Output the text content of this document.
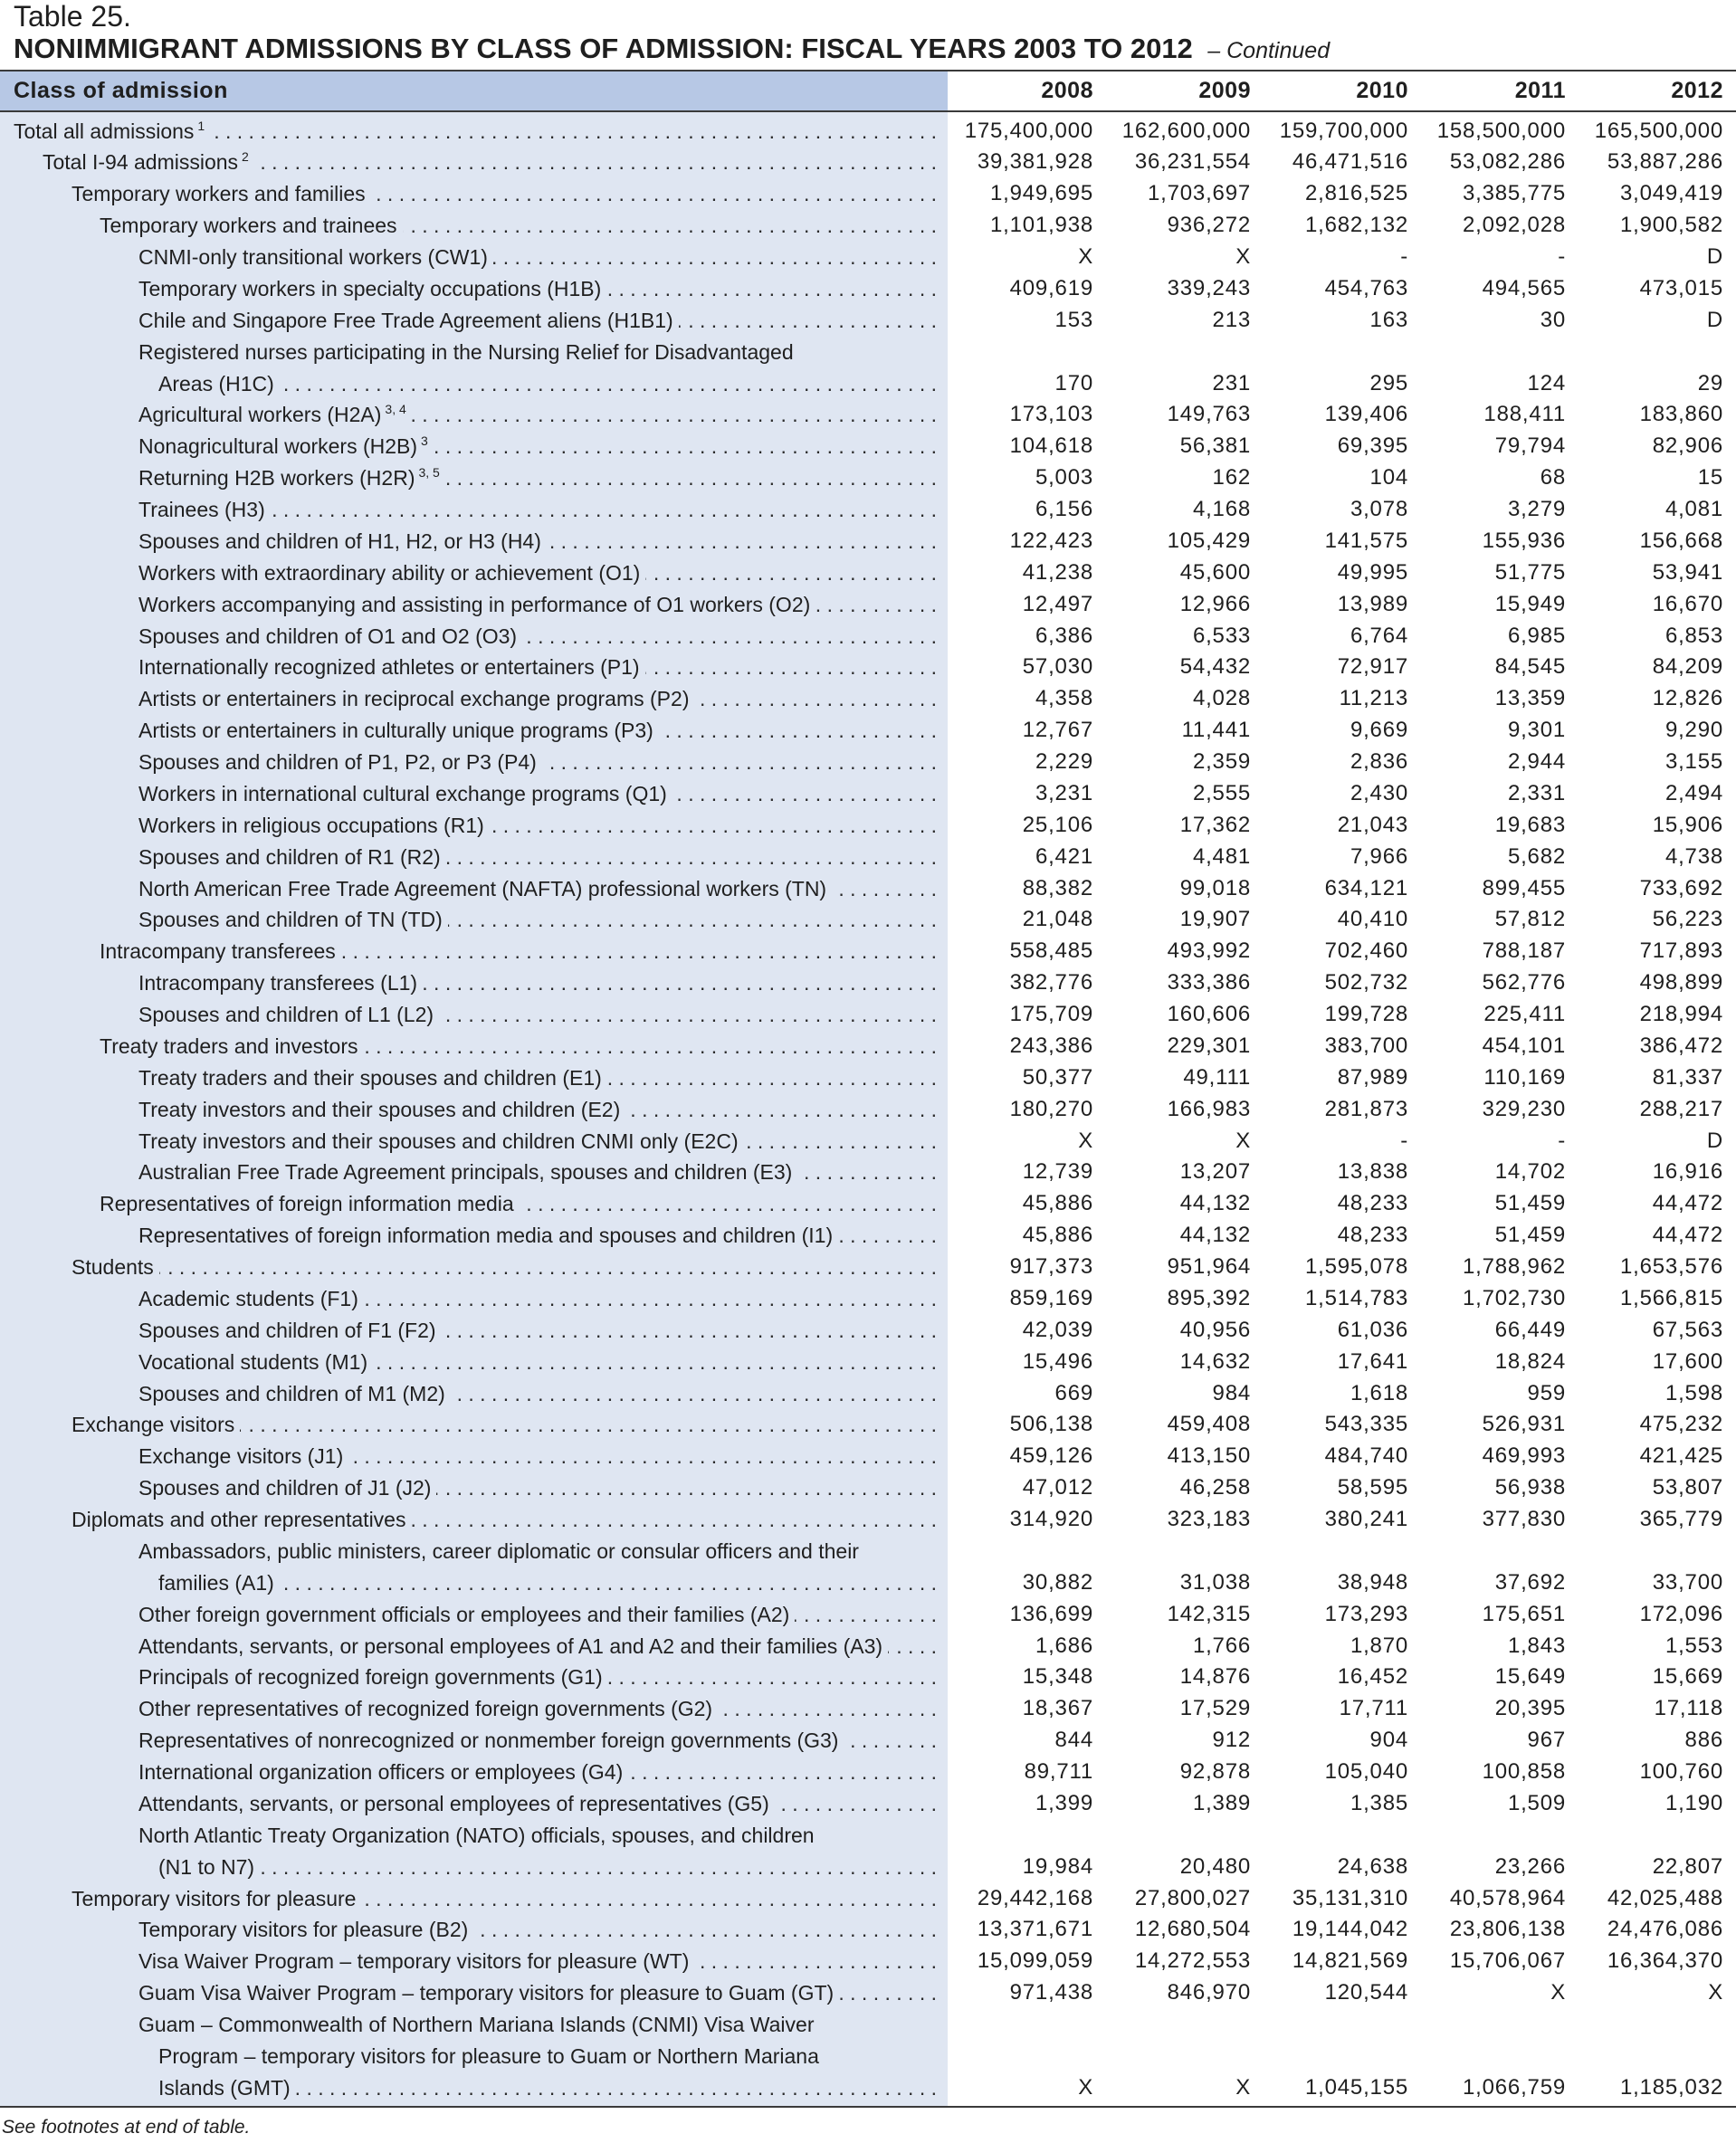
Table 25.
NONIMMIGRANT ADMISSIONS BY CLASS OF ADMISSION: FISCAL YEARS 2003 TO 2012 – Continued
Class of admission	2008	2009	2010	2011	2012
Total all admissions $^1$ . . .	175,400,000	162,600,000	159,700,000	158,500,000	165,500,000
Total I-94 admissions $^2$ . . .	39,381,928	36,231,554	46,471,516	53,082,286	53,887,286
Temporary workers and families . . .	1,949,695	1,703,697	2,816,525	3,385,775	3,049,419
Temporary workers and trainees . . .	1,101,938	936,272	1,682,132	2,092,028	1,900,582
CNMI-only transitional workers (CW1) . . .	X	X	-	-	D
Temporary workers in specialty occupations (H1B) . . .	409,619	339,243	454,763	494,565	473,015
Chile and Singapore Free Trade Agreement aliens (H1B1) . . .	153	213	163	30	D
Registered nurses participating in the Nursing Relief for Disadvantaged
Areas (H1C) . . .	170	231	295	124	29
Agricultural workers (H2A) $^{3, 4}$ . . .	173,103	149,763	139,406	188,411	183,860
Nonagricultural workers (H2B) $^3$ . . .	104,618	56,381	69,395	79,794	82,906
Returning H2B workers (H2R) $^{3, 5}$ . . .	5,003	162	104	68	15
Trainees (H3) . . .	6,156	4,168	3,078	3,279	4,081
Spouses and children of H1, H2, or H3 (H4) . . .	122,423	105,429	141,575	155,936	156,668
Workers with extraordinary ability or achievement (O1) . . .	41,238	45,600	49,995	51,775	53,941
Workers accompanying and assisting in performance of O1 workers (O2) . . .	12,497	12,966	13,989	15,949	16,670
Spouses and children of O1 and O2 (O3) . . .	6,386	6,533	6,764	6,985	6,853
Internationally recognized athletes or entertainers (P1) . . .	57,030	54,432	72,917	84,545	84,209
Artists or entertainers in reciprocal exchange programs (P2) . . .	4,358	4,028	11,213	13,359	12,826
Artists or entertainers in culturally unique programs (P3) . . .	12,767	11,441	9,669	9,301	9,290
Spouses and children of P1, P2, or P3 (P4) . . .	2,229	2,359	2,836	2,944	3,155
Workers in international cultural exchange programs (Q1) . . .	3,231	2,555	2,430	2,331	2,494
Workers in religious occupations (R1) . . .	25,106	17,362	21,043	19,683	15,906
Spouses and children of R1 (R2) . . .	6,421	4,481	7,966	5,682	4,738
North American Free Trade Agreement (NAFTA) professional workers (TN) . . .	88,382	99,018	634,121	899,455	733,692
Spouses and children of TN (TD) . . .	21,048	19,907	40,410	57,812	56,223
Intracompany transferees . . .	558,485	493,992	702,460	788,187	717,893
Intracompany transferees (L1) . . .	382,776	333,386	502,732	562,776	498,899
Spouses and children of L1 (L2) . . .	175,709	160,606	199,728	225,411	218,994
Treaty traders and investors . . .	243,386	229,301	383,700	454,101	386,472
Treaty traders and their spouses and children (E1) . . .	50,377	49,111	87,989	110,169	81,337
Treaty investors and their spouses and children (E2) . . .	180,270	166,983	281,873	329,230	288,217
Treaty investors and their spouses and children CNMI only (E2C) . . .	X	X	-	-	D
Australian Free Trade Agreement principals, spouses and children (E3) . . .	12,739	13,207	13,838	14,702	16,916
Representatives of foreign information media . . .	45,886	44,132	48,233	51,459	44,472
Representatives of foreign information media and spouses and children (I1) . . .	45,886	44,132	48,233	51,459	44,472
Students . . .	917,373	951,964	1,595,078	1,788,962	1,653,576
Academic students (F1) . . .	859,169	895,392	1,514,783	1,702,730	1,566,815
Spouses and children of F1 (F2) . . .	42,039	40,956	61,036	66,449	67,563
Vocational students (M1) . . .	15,496	14,632	17,641	18,824	17,600
Spouses and children of M1 (M2) . . .	669	984	1,618	959	1,598
Exchange visitors . . .	506,138	459,408	543,335	526,931	475,232
Exchange visitors (J1) . . .	459,126	413,150	484,740	469,993	421,425
Spouses and children of J1 (J2) . . .	47,012	46,258	58,595	56,938	53,807
Diplomats and other representatives . . .	314,920	323,183	380,241	377,830	365,779
Ambassadors, public ministers, career diplomatic or consular officers and their
families (A1) . . .	30,882	31,038	38,948	37,692	33,700
Other foreign government officials or employees and their families (A2) . . .	136,699	142,315	173,293	175,651	172,096
Attendants, servants, or personal employees of A1 and A2 and their families (A3) . . .	1,686	1,766	1,870	1,843	1,553
Principals of recognized foreign governments (G1) . . .	15,348	14,876	16,452	15,649	15,669
Other representatives of recognized foreign governments (G2) . . .	18,367	17,529	17,711	20,395	17,118
Representatives of nonrecognized or nonmember foreign governments (G3) . . .	844	912	904	967	886
International organization officers or employees (G4) . . .	89,711	92,878	105,040	100,858	100,760
Attendants, servants, or personal employees of representatives (G5) . . .	1,399	1,389	1,385	1,509	1,190
North Atlantic Treaty Organization (NATO) officials, spouses, and children
(N1 to N7) . . .	19,984	20,480	24,638	23,266	22,807
Temporary visitors for pleasure . . .	29,442,168	27,800,027	35,131,310	40,578,964	42,025,488
Temporary visitors for pleasure (B2) . . .	13,371,671	12,680,504	19,144,042	23,806,138	24,476,086
Visa Waiver Program – temporary visitors for pleasure (WT) . . .	15,099,059	14,272,553	14,821,569	15,706,067	16,364,370
Guam Visa Waiver Program – temporary visitors for pleasure to Guam (GT) . . .	971,438	846,970	120,544	X	X
Guam – Commonwealth of Northern Mariana Islands (CNMI) Visa Waiver
Program – temporary visitors for pleasure to Guam or Northern Mariana
Islands (GMT) . . .	X	X	1,045,155	1,066,759	1,185,032
See footnotes at end of table.
